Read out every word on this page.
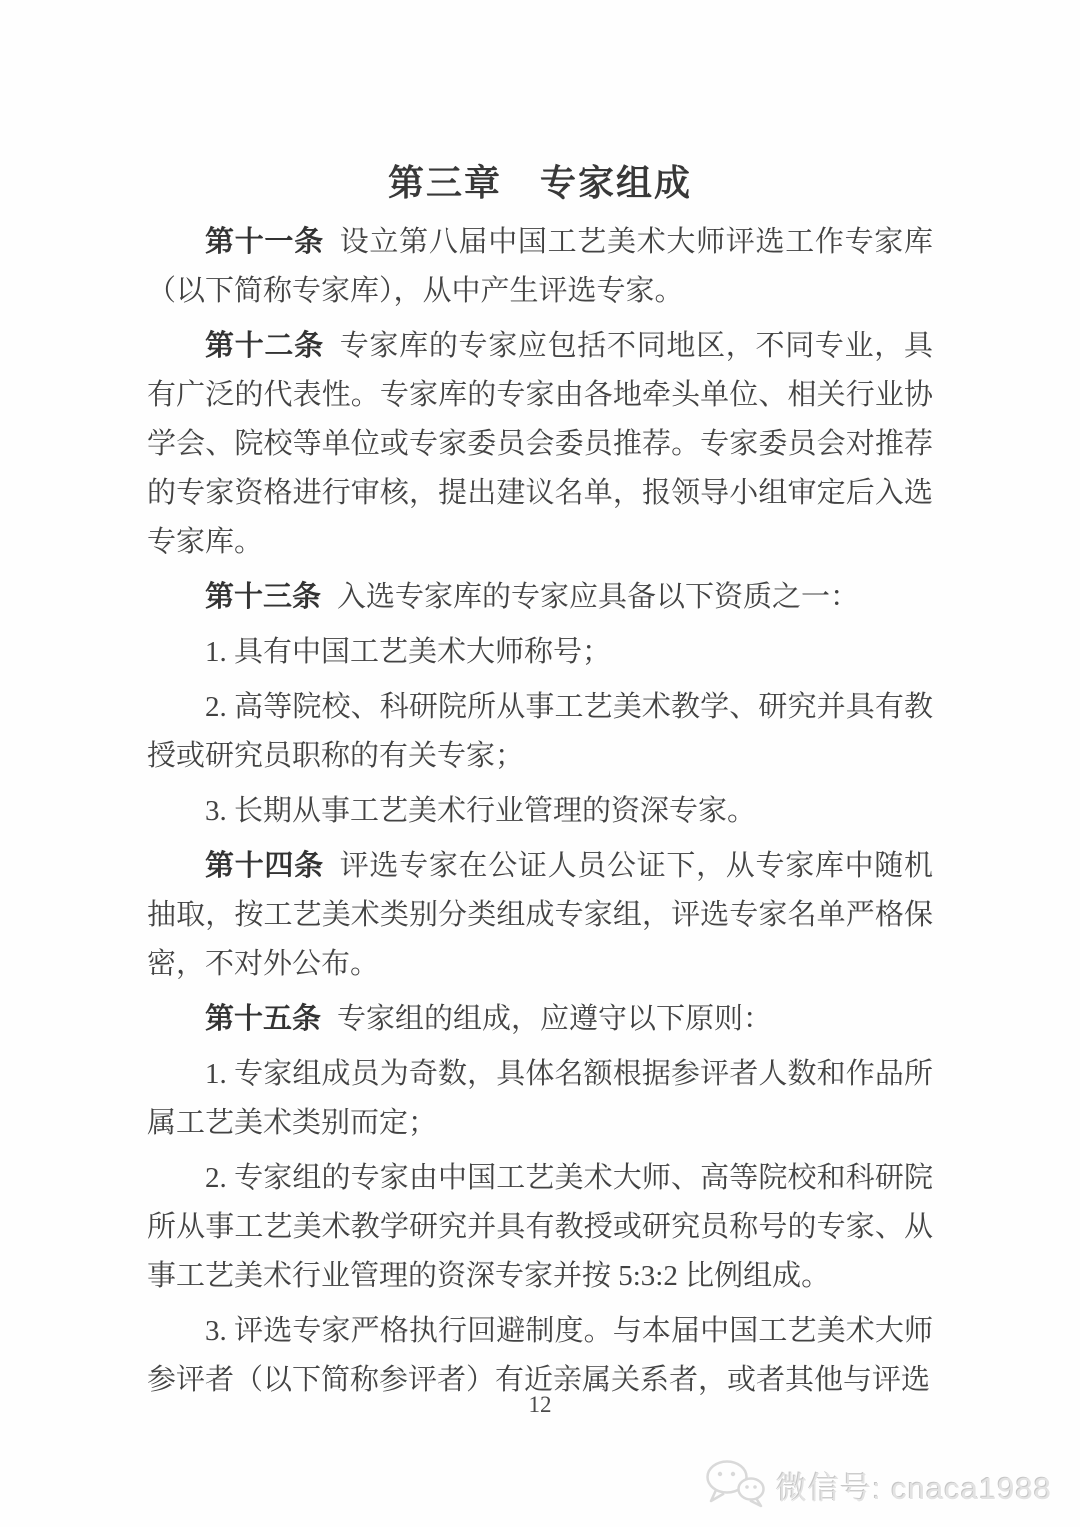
第三章　专家组成

第十一条 设立第八届中国工艺美术大师评选工作专家库（以下简称专家库），从中产生评选专家。

第十二条 专家库的专家应包括不同地区，不同专业，具有广泛的代表性。专家库的专家由各地牵头单位、相关行业协学会、院校等单位或专家委员会委员推荐。专家委员会对推荐的专家资格进行审核，提出建议名单，报领导小组审定后入选专家库。

第十三条 入选专家库的专家应具备以下资质之一：

1. 具有中国工艺美术大师称号；

2. 高等院校、科研院所从事工艺美术教学、研究并具有教授或研究员职称的有关专家；

3. 长期从事工艺美术行业管理的资深专家。

第十四条 评选专家在公证人员公证下，从专家库中随机抽取，按工艺美术类别分类组成专家组，评选专家名单严格保密，不对外公布。

第十五条 专家组的组成，应遵守以下原则：

1. 专家组成员为奇数，具体名额根据参评者人数和作品所属工艺美术类别而定；

2. 专家组的专家由中国工艺美术大师、高等院校和科研院所从事工艺美术教学研究并具有教授或研究员称号的专家、从事工艺美术行业管理的资深专家并按 5:3:2 比例组成。

3. 评选专家严格执行回避制度。与本届中国工艺美术大师参评者（以下简称参评者）有近亲属关系者，或者其他与评选

12
微信号: cnaca1988
